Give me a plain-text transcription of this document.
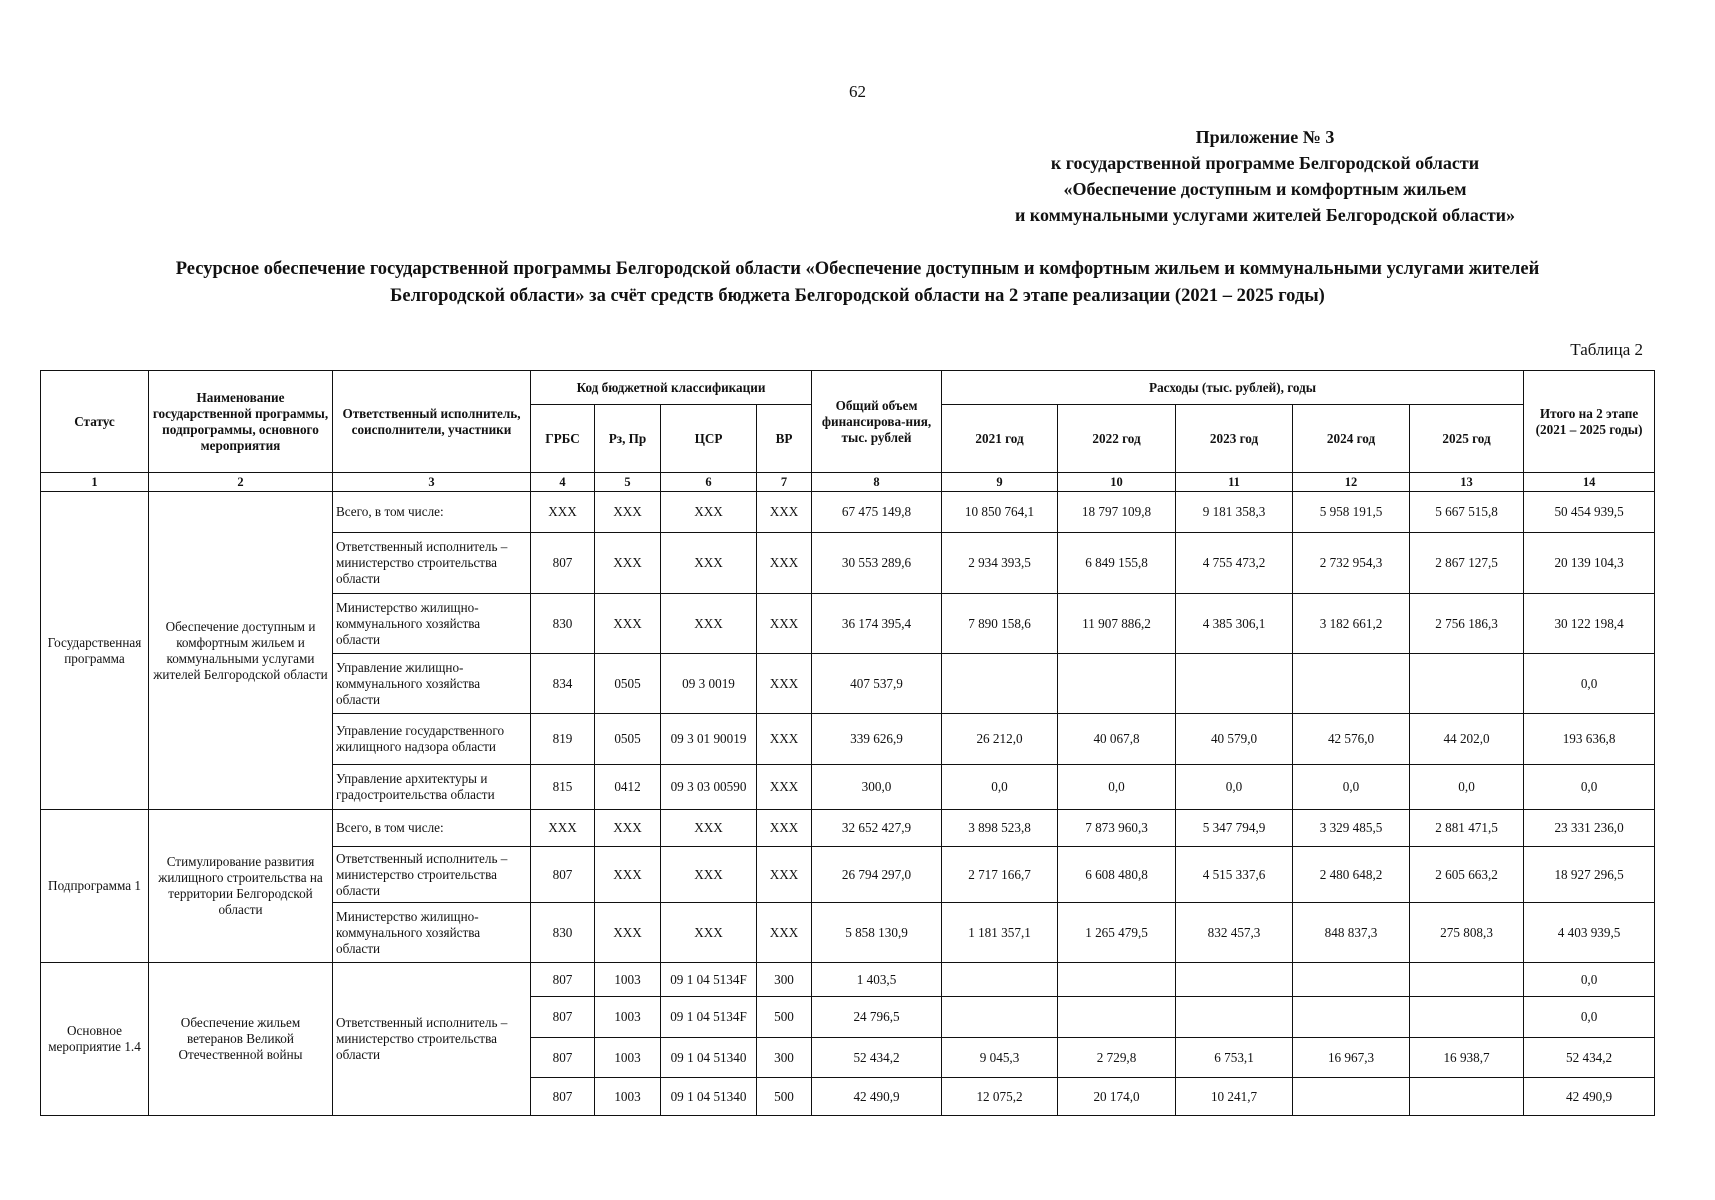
62
Приложение № 3
к государственной программе Белгородской области
«Обеспечение доступным и комфортным жильем
и коммунальными услугами жителей Белгородской области»
Ресурсное обеспечение государственной программы Белгородской области «Обеспечение доступным и комфортным жильем и коммунальными услугами жителей
Белгородской области» за счёт средств бюджета Белгородской области на 2 этапе реализации (2021 – 2025 годы)
Таблица 2
Статус	Наименование государственной программы, подпрограммы, основного мероприятия	Ответственный исполнитель, соисполнители, участники	Код бюджетной классификации				Общий объем финансирова-ния, тыс. рублей	Расходы (тыс. рублей), годы					Итого на 2 этапе (2021 – 2025 годы)
			ГРБС	Рз, Пр	ЦСР	ВР		2021 год	2022 год	2023 год	2024 год	2025 год	
1	2	3	4	5	6	7	8	9	10	11	12	13	14
Государственная программа	Обеспечение доступным и комфортным жильем и коммунальными услугами жителей Белгородской области	Всего, в том числе:	XXX	XXX	XXX	XXX	67 475 149,8	10 850 764,1	18 797 109,8	9 181 358,3	5 958 191,5	5 667 515,8	50 454 939,5
		Ответственный исполнитель – министерство строительства области	807	XXX	XXX	XXX	30 553 289,6	2 934 393,5	6 849 155,8	4 755 473,2	2 732 954,3	2 867 127,5	20 139 104,3
		Министерство жилищно-коммунального хозяйства области	830	XXX	XXX	XXX	36 174 395,4	7 890 158,6	11 907 886,2	4 385 306,1	3 182 661,2	2 756 186,3	30 122 198,4
		Управление жилищно-коммунального хозяйства области	834	0505	09 3 0019	XXX	407 537,9						0,0
		Управление государственного жилищного надзора области	819	0505	09 3 01 90019	XXX	339 626,9	26 212,0	40 067,8	40 579,0	42 576,0	44 202,0	193 636,8
		Управление архитектуры и градостроительства области	815	0412	09 3 03 00590	XXX	300,0	0,0	0,0	0,0	0,0	0,0	0,0
Подпрограмма 1	Стимулирование развития жилищного строительства на территории Белгородской области	Всего, в том числе:	XXX	XXX	XXX	XXX	32 652 427,9	3 898 523,8	7 873 960,3	5 347 794,9	3 329 485,5	2 881 471,5	23 331 236,0
		Ответственный исполнитель – министерство строительства области	807	XXX	XXX	XXX	26 794 297,0	2 717 166,7	6 608 480,8	4 515 337,6	2 480 648,2	2 605 663,2	18 927 296,5
		Министерство жилищно-коммунального хозяйства области	830	XXX	XXX	XXX	5 858 130,9	1 181 357,1	1 265 479,5	832 457,3	848 837,3	275 808,3	4 403 939,5
Основное мероприятие 1.4	Обеспечение жильем ветеранов Великой Отечественной войны	Ответственный исполнитель – министерство строительства области	807	1003	09 1 04 5134F	300	1 403,5						0,0
			807	1003	09 1 04 5134F	500	24 796,5						0,0
			807	1003	09 1 04 51340	300	52 434,2	9 045,3	2 729,8	6 753,1	16 967,3	16 938,7	52 434,2
			807	1003	09 1 04 51340	500	42 490,9	12 075,2	20 174,0	10 241,7			42 490,9
